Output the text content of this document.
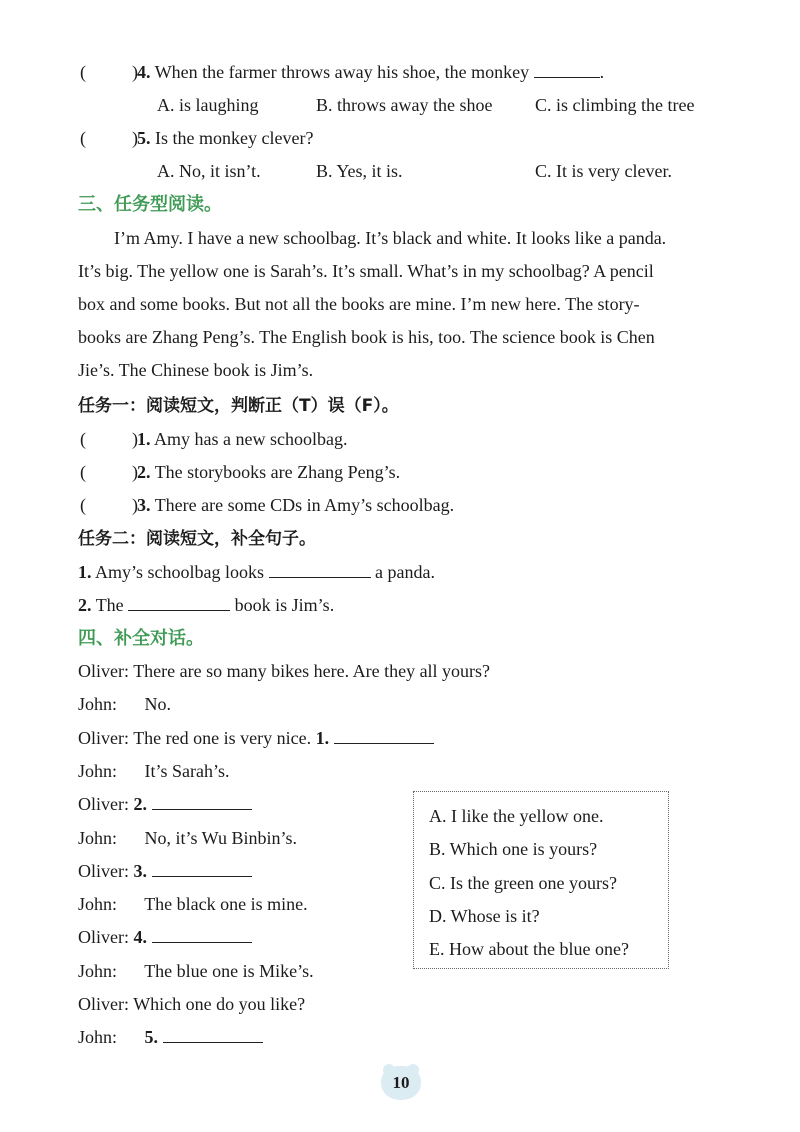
(	) 4. When the farmer throws away his shoe, the monkey	.
A. is laughing	B. throws away the shoe C. is climbing the tree
(	) 5. Is the monkey clever?
A. No, it isn’t.	B. Yes, it is.	C. It is very clever.
三、任务型阅读。
I’m Amy. I have a new schoolbag. It’s black and white. It looks like a panda.
It’s big. The yellow one is Sarah’s. It’s small. What’s in my schoolbag? A pencil
box and some books. But not all the books are mine. I’m new here. The story-
books are Zhang Peng’s. The English book is his, too. The science book is Chen
Jie’s. The Chinese book is Jim’s.
任务一：阅读短文，判断正（T）误（F）。
(	) 1. Amy has a new schoolbag.
(	) 2. The storybooks are Zhang Peng’s.
(	) 3. There are some CDs in Amy’s schoolbag.
任务二：阅读短文，补全句子。
1. Amy’s schoolbag looks	a panda.
2. The	book is Jim’s.
四、补全对话。
Oliver: There are so many bikes here. Are they all yours?
John: No.
Oliver: The red one is very nice. 1.
John: It’s Sarah’s.
Oliver: 2.
John: No, it’s Wu Binbin’s.
Oliver: 3.
John: The black one is mine.
Oliver: 4.
John: The blue one is Mike’s.
Oliver: Which one do you like?
John: 5.
A. I like the yellow one.
B. Which one is yours?
C. Is the green one yours?
D. Whose is it?
E. How about the blue one?
10
